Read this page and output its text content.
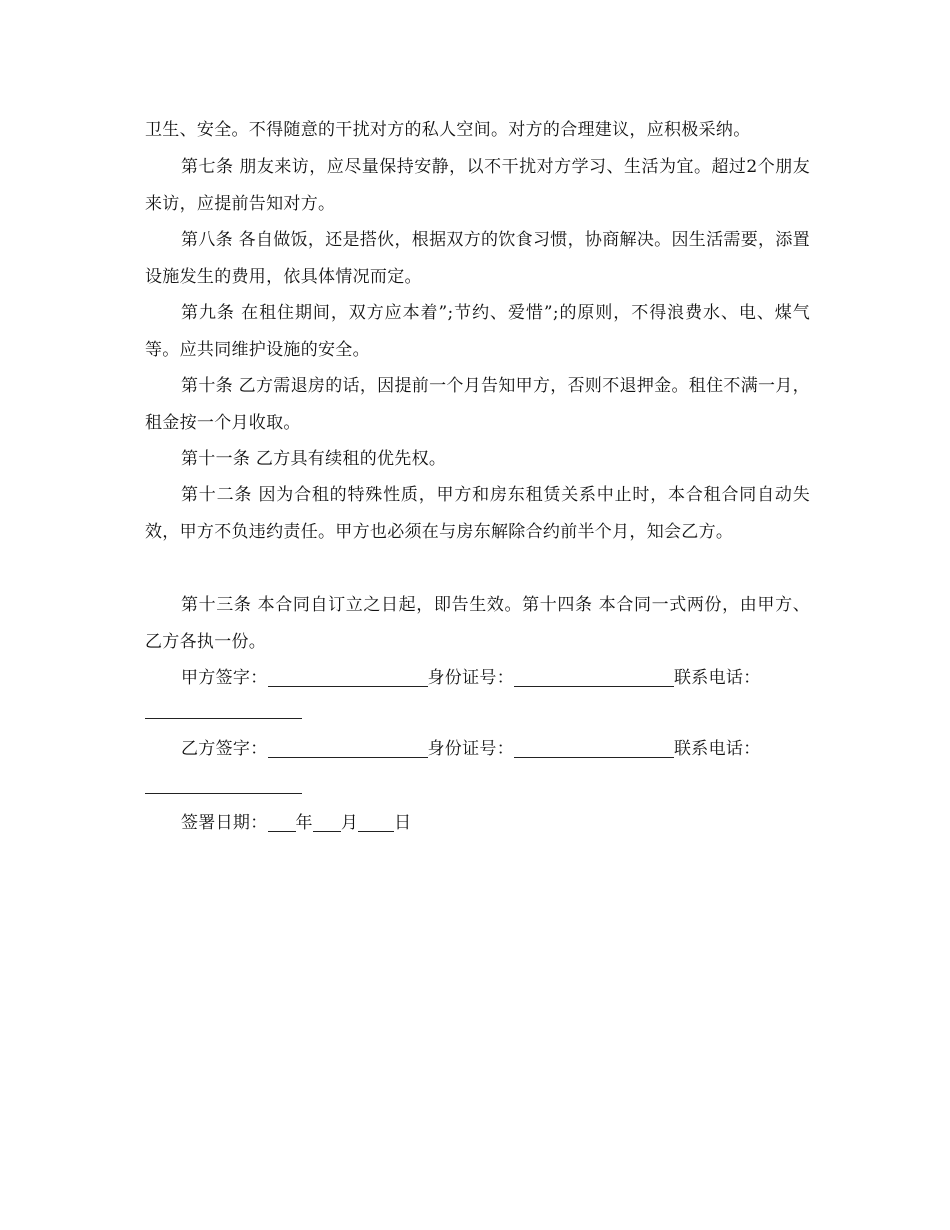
卫生、安全。不得随意的干扰对方的私人空间。对方的合理建议，应积极采纳。

第七条 朋友来访，应尽量保持安静，以不干扰对方学习、生活为宜。超过2个朋友来访，应提前告知对方。

第八条 各自做饭，还是搭伙，根据双方的饮食习惯，协商解决。因生活需要，添置设施发生的费用，依具体情况而定。

第九条 在租住期间，双方应本着”;节约、爱惜”;的原则，不得浪费水、电、煤气等。应共同维护设施的安全。

第十条 乙方需退房的话，因提前一个月告知甲方，否则不退押金。租住不满一月，租金按一个月收取。

第十一条 乙方具有续租的优先权。

第十二条 因为合租的特殊性质，甲方和房东租赁关系中止时，本合租合同自动失效，甲方不负违约责任。甲方也必须在与房东解除合约前半个月，知会乙方。

第十三条 本合同自订立之日起，即告生效。第十四条 本合同一式两份，由甲方、乙方各执一份。

甲方签字：	身份证号：	联系电话：
乙方签字：	身份证号：	联系电话：
签署日期： 年 月 日
